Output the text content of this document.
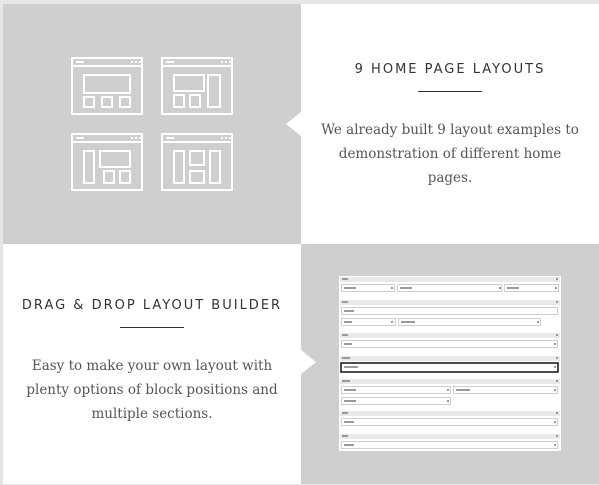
9 HOME PAGE LAYOUTS
We already built 9 layout examples to demonstration of different home pages.
DRAG & DROP LAYOUT BUILDER
Easy to make your own layout with plenty options of block positions and multiple sections.
